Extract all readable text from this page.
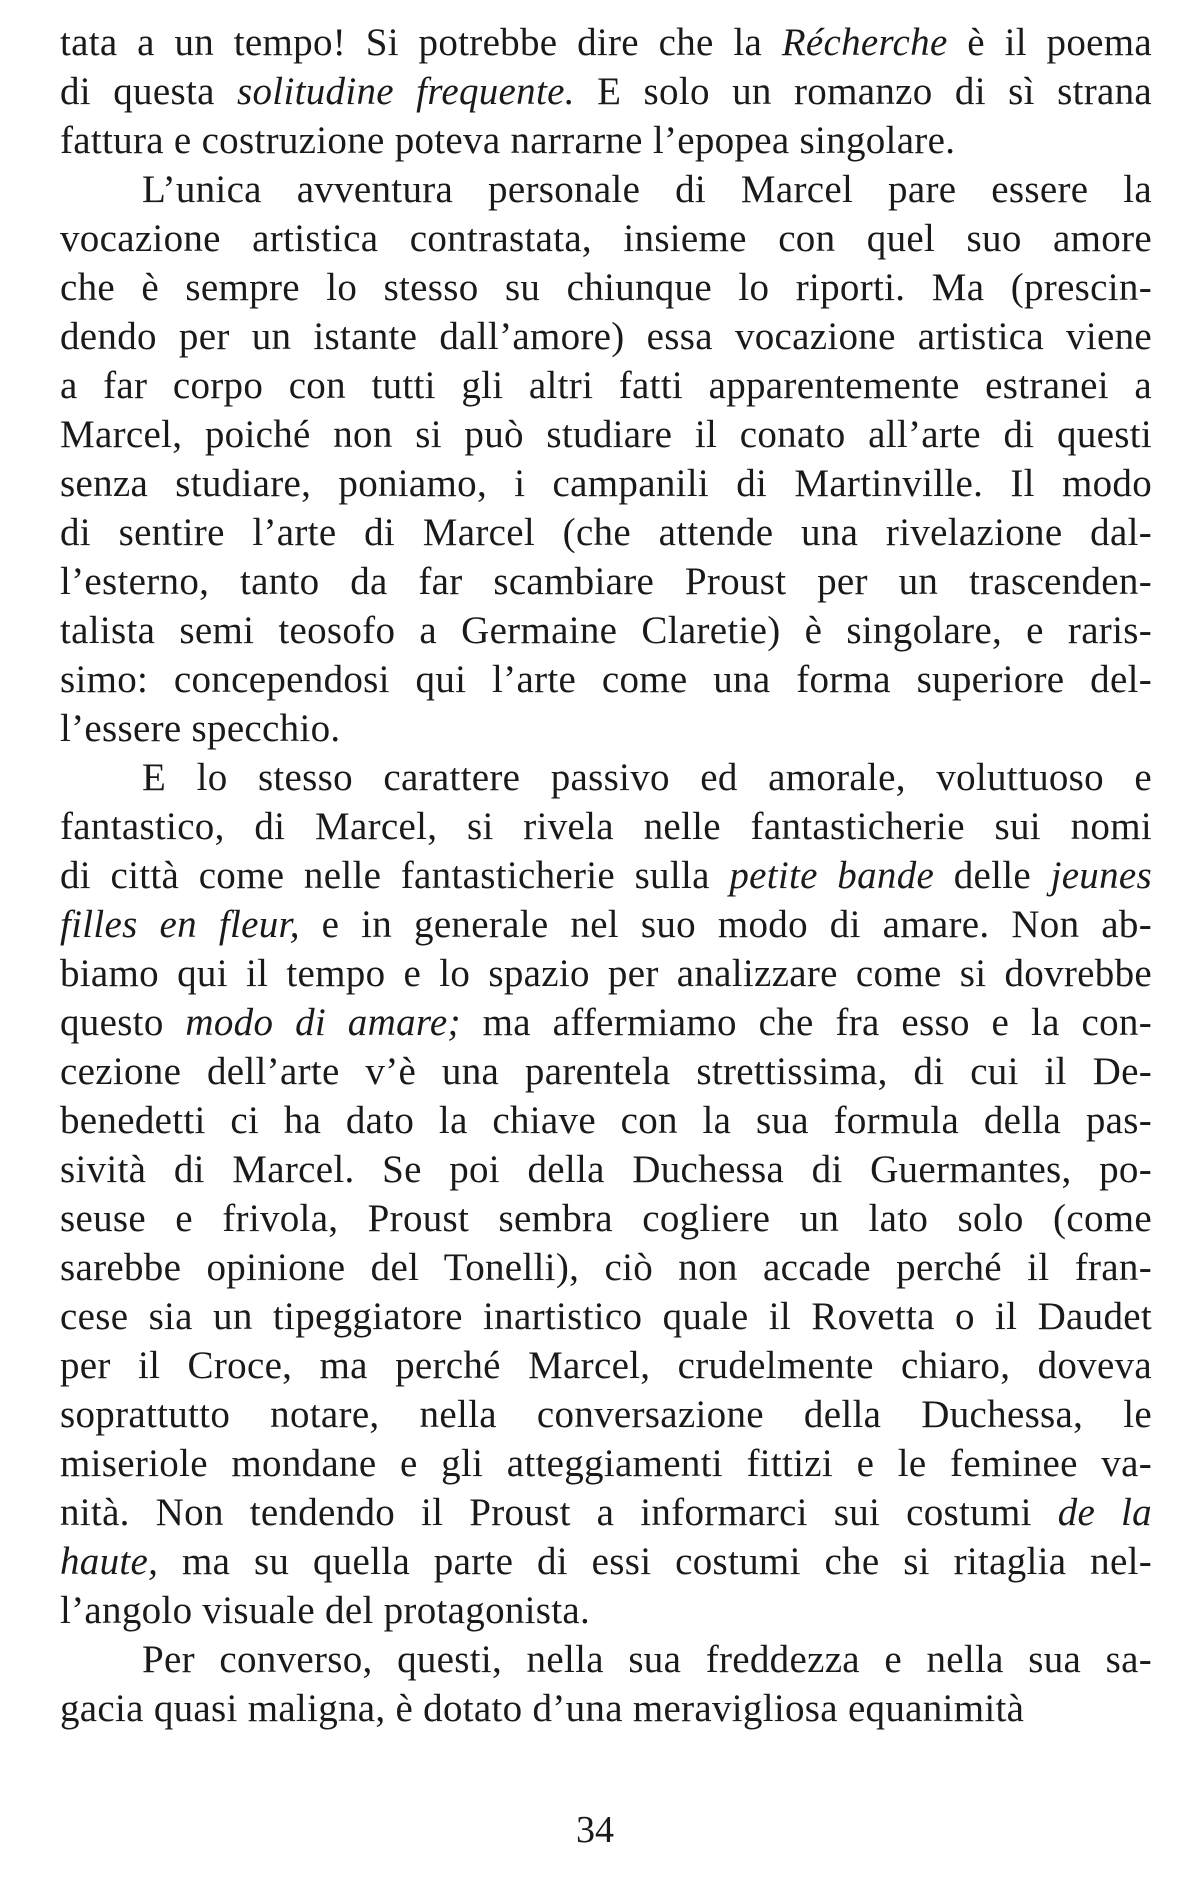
tata a un tempo! Si potrebbe dire che la Récherche è il poema
di questa solitudine frequente. E solo un romanzo di sì strana
fattura e costruzione poteva narrarne l’epopea singolare.
L’unica avventura personale di Marcel pare essere la
vocazione artistica contrastata, insieme con quel suo amore
che è sempre lo stesso su chiunque lo riporti. Ma (prescin-
dendo per un istante dall’amore) essa vocazione artistica viene
a far corpo con tutti gli altri fatti apparentemente estranei a
Marcel, poiché non si può studiare il conato all’arte di questi
senza studiare, poniamo, i campanili di Martinville. Il modo
di sentire l’arte di Marcel (che attende una rivelazione dal-
l’esterno, tanto da far scambiare Proust per un trascenden-
talista semi teosofo a Germaine Claretie) è singolare, e raris-
simo: concependosi qui l’arte come una forma superiore del-
l’essere specchio.
E lo stesso carattere passivo ed amorale, voluttuoso e
fantastico, di Marcel, si rivela nelle fantasticherie sui nomi
di città come nelle fantasticherie sulla petite bande delle jeunes
filles en fleur, e in generale nel suo modo di amare. Non ab-
biamo qui il tempo e lo spazio per analizzare come si dovrebbe
questo modo di amare; ma affermiamo che fra esso e la con-
cezione dell’arte v’è una parentela strettissima, di cui il De-
benedetti ci ha dato la chiave con la sua formula della pas-
sività di Marcel. Se poi della Duchessa di Guermantes, po-
seuse e frivola, Proust sembra cogliere un lato solo (come
sarebbe opinione del Tonelli), ciò non accade perché il fran-
cese sia un tipeggiatore inartistico quale il Rovetta o il Daudet
per il Croce, ma perché Marcel, crudelmente chiaro, doveva
soprattutto notare, nella conversazione della Duchessa, le
miseriole mondane e gli atteggiamenti fittizi e le feminee va-
nità. Non tendendo il Proust a informarci sui costumi de la
haute, ma su quella parte di essi costumi che si ritaglia nel-
l’angolo visuale del protagonista.
Per converso, questi, nella sua freddezza e nella sua sa-
gacia quasi maligna, è dotato d’una meravigliosa equanimità
34
